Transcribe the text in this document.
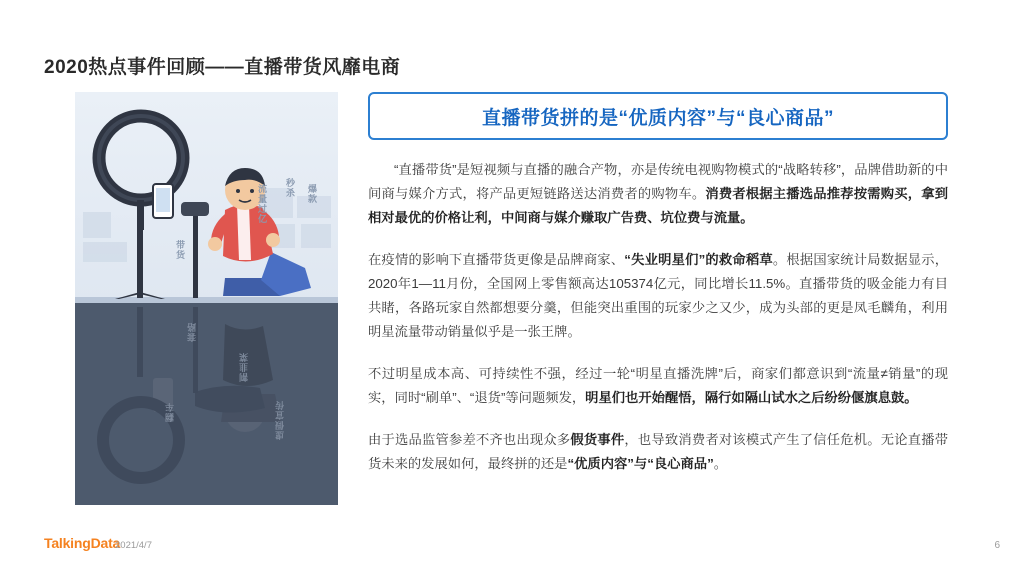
2020热点事件回顾——直播带货风靡电商
流量过亿 秒杀 爆款
带货
套路
割韭菜
翻车	虚假宣传
直播带货拼的是“优质内容”与“良心商品”

“直播带货”是短视频与直播的融合产物，亦是传统电视购物模式的“战略转移”，品牌借助新的中间商与媒介方式，将产品更短链路送达消费者的购物车。消费者根据主播选品推荐按需购买，拿到相对最优的价格让利，中间商与媒介赚取广告费、坑位费与流量。

在疫情的影响下直播带货更像是品牌商家、“失业明星们”的救命稻草。根据国家统计局数据显示，2020年1—11月份，全国网上零售额高达105374亿元，同比增长11.5%。直播带货的吸金能力有目共睹，各路玩家自然都想要分羹，但能突出重围的玩家少之又少，成为头部的更是凤毛麟角，利用明星流量带动销量似乎是一张王牌。

不过明星成本高、可持续性不强，经过一轮“明星直播洗牌”后，商家们都意识到“流量≠销量”的现实，同时“刷单”、“退货”等问题频发，明星们也开始醒悟，隔行如隔山试水之后纷纷偃旗息鼓。

由于选品监管参差不齐也出现众多假货事件，也导致消费者对该模式产生了信任危机。无论直播带货未来的发展如何，最终拼的还是“优质内容”与“良心商品”。

TalkingData
2021/4/7	6
